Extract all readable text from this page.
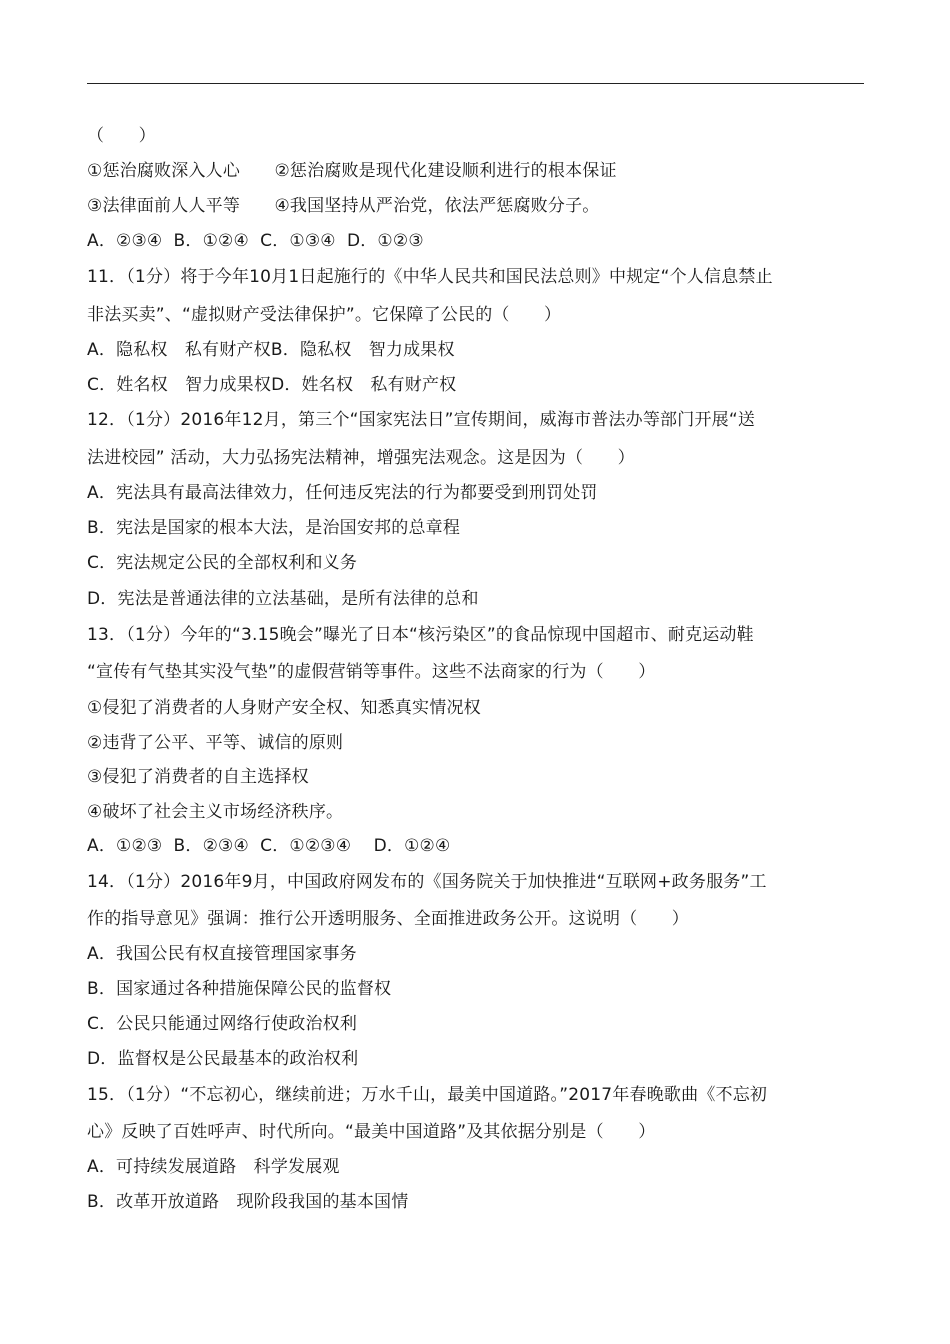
（　　）
①惩治腐败深入人心　　②惩治腐败是现代化建设顺利进行的根本保证
③法律面前人人平等　　④我国坚持从严治党，依法严惩腐败分子。
A．②③④  B．①②④  C．①③④  D．①②③
11．（1分）将于今年10月1日起施行的《中华人民共和国民法总则》中规定“个人信息禁止
非法买卖”、“虚拟财产受法律保护”。它保障了公民的（　　）
A．隐私权　私有财产权B．隐私权　智力成果权
C．姓名权　智力成果权D．姓名权　私有财产权
12．（1分）2016年12月，第三个“国家宪法日”宣传期间，威海市普法办等部门开展“送
法进校园” 活动，大力弘扬宪法精神，增强宪法观念。这是因为（　　）
A．宪法具有最高法律效力，任何违反宪法的行为都要受到刑罚处罚
B．宪法是国家的根本大法，是治国安邦的总章程
C．宪法规定公民的全部权利和义务
D．宪法是普通法律的立法基础，是所有法律的总和
13．（1分）今年的“3.15晚会”曝光了日本“核污染区”的食品惊现中国超市、耐克运动鞋
“宣传有气垫其实没气垫”的虚假营销等事件。这些不法商家的行为（　　）
①侵犯了消费者的人身财产安全权、知悉真实情况权
②违背了公平、平等、诚信的原则
③侵犯了消费者的自主选择权
④破坏了社会主义市场经济秩序。
A．①②③  B．②③④  C．①②③④    D．①②④
14．（1分）2016年9月，中国政府网发布的《国务院关于加快推进“互联网+政务服务”工
作的指导意见》强调：推行公开透明服务、全面推进政务公开。这说明（　　）
A．我国公民有权直接管理国家事务
B．国家通过各种措施保障公民的监督权
C．公民只能通过网络行使政治权利
D．监督权是公民最基本的政治权利
15．（1分）“不忘初心，继续前进；万水千山，最美中国道路。”2017年春晚歌曲《不忘初
心》反映了百姓呼声、时代所向。“最美中国道路”及其依据分别是（　　）
A．可持续发展道路　科学发展观
B．改革开放道路　现阶段我国的基本国情
